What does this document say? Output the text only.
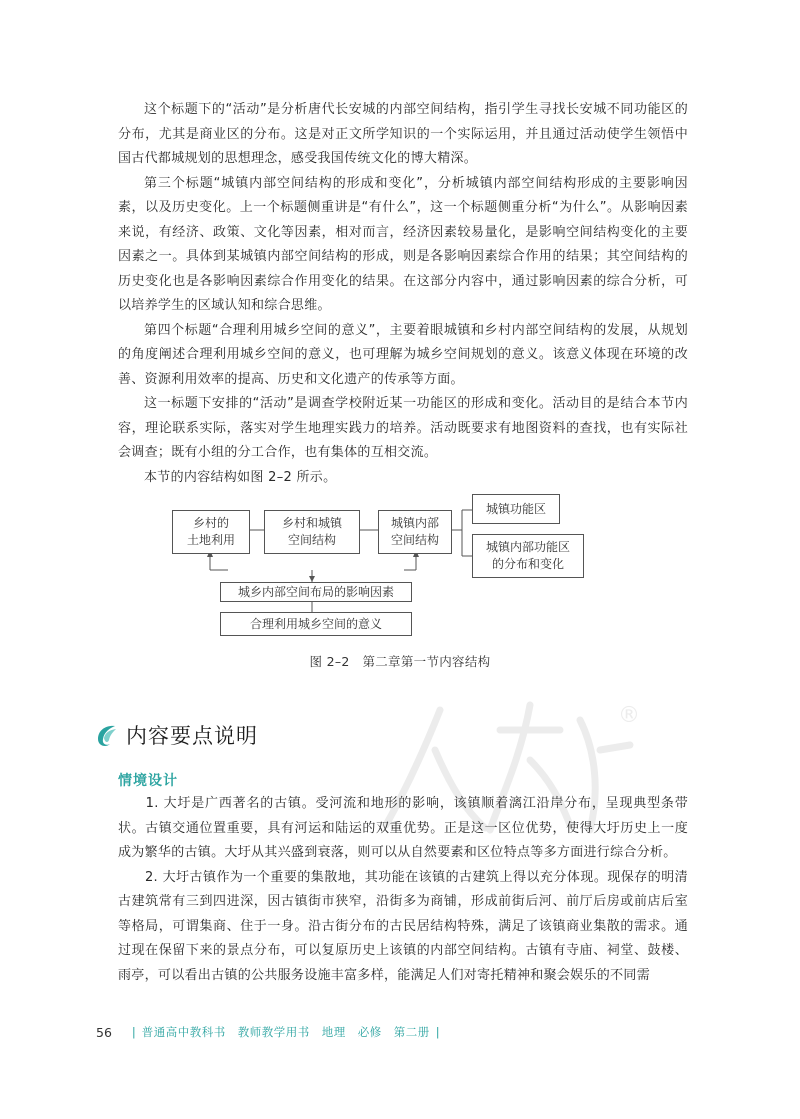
这个标题下的“活动”是分析唐代长安城的内部空间结构，指引学生寻找长安城不同功能区的分布，尤其是商业区的分布。这是对正文所学知识的一个实际运用，并且通过活动使学生领悟中国古代都城规划的思想理念，感受我国传统文化的博大精深。

第三个标题“城镇内部空间结构的形成和变化”，分析城镇内部空间结构形成的主要影响因素，以及历史变化。上一个标题侧重讲是“有什么”，这一个标题侧重分析“为什么”。从影响因素来说，有经济、政策、文化等因素，相对而言，经济因素较易量化，是影响空间结构变化的主要因素之一。具体到某城镇内部空间结构的形成，则是各影响因素综合作用的结果；其空间结构的历史变化也是各影响因素综合作用变化的结果。在这部分内容中，通过影响因素的综合分析，可以培养学生的区域认知和综合思维。

第四个标题“合理利用城乡空间的意义”，主要着眼城镇和乡村内部空间结构的发展，从规划的角度阐述合理利用城乡空间的意义，也可理解为城乡空间规划的意义。该意义体现在环境的改善、资源利用效率的提高、历史和文化遗产的传承等方面。

这一标题下安排的“活动”是调查学校附近某一功能区的形成和变化。活动目的是结合本节内容，理论联系实际，落实对学生地理实践力的培养。活动既要求有地图资料的查找，也有实际社会调查；既有小组的分工合作，也有集体的互相交流。

本节的内容结构如图 2–2 所示。

乡村的
土地利用
乡村和城镇
空间结构
城镇内部
空间结构
城镇功能区
城镇内部功能区
的分布和变化
城乡内部空间布局的影响因素
合理利用城乡空间的意义
图 2–2　第二章第一节内容结构
®
内容要点说明
情境设计

　　1. 大圩是广西著名的古镇。受河流和地形的影响，该镇顺着漓江沿岸分布，呈现典型条带状。古镇交通位置重要，具有河运和陆运的双重优势。正是这一区位优势，使得大圩历史上一度成为繁华的古镇。大圩从其兴盛到衰落，则可以从自然要素和区位特点等多方面进行综合分析。

　　2. 大圩古镇作为一个重要的集散地，其功能在该镇的古建筑上得以充分体现。现保存的明清古建筑常有三到四进深，因古镇街市狭窄，沿街多为商铺，形成前街后河、前厅后房或前店后室等格局，可谓集商、住于一身。沿古街分布的古民居结构特殊，满足了该镇商业集散的需求。通过现在保留下来的景点分布，可以复原历史上该镇的内部空间结构。古镇有寺庙、祠堂、鼓楼、雨亭，可以看出古镇的公共服务设施丰富多样，能满足人们对寄托精神和聚会娱乐的不同需

56 | 普通高中教科书　教师教学用书　地理　必修　第二册 |
